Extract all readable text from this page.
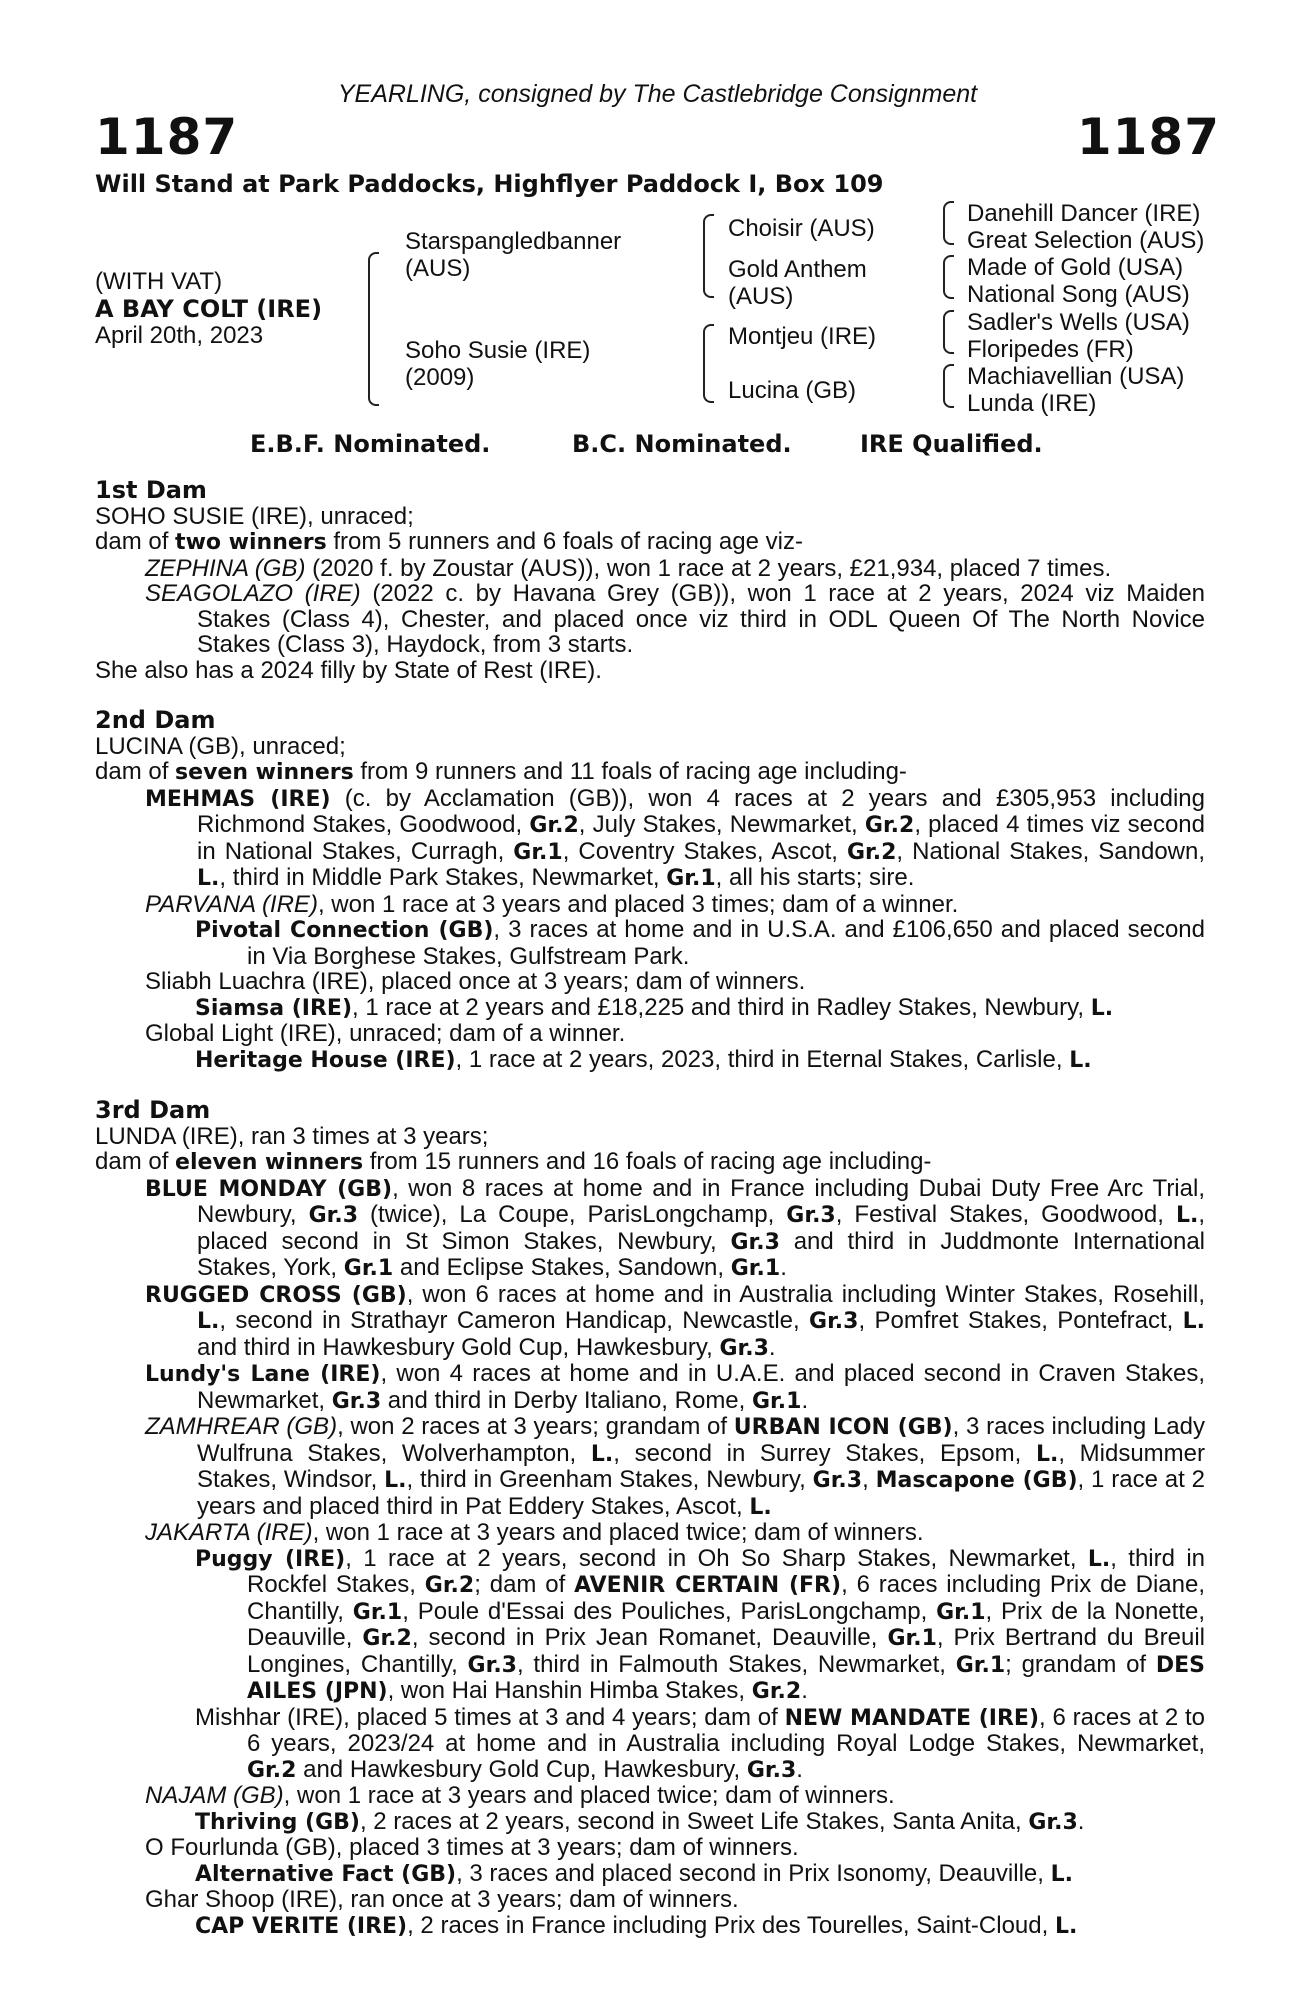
YEARLING, consigned by The Castlebridge Consignment
1187	1187
Will Stand at Park Paddocks, Highflyer Paddock I, Box 109
(WITH VAT)
A BAY COLT (IRE)
April 20th, 2023
Starspangledbanner (AUS)
Soho Susie (IRE) (2009)
Choisir (AUS)
Gold Anthem (AUS)
Montjeu (IRE)
Lucina (GB)
Danehill Dancer (IRE)
Great Selection (AUS)
Made of Gold (USA)
National Song (AUS)
Sadler's Wells (USA)
Floripedes (FR)
Machiavellian (USA)
Lunda (IRE)
E.B.F. Nominated.	B.C. Nominated.	IRE Qualified.

1st Dam

SOHO SUSIE (IRE), unraced;

dam of two winners from 5 runners and 6 foals of racing age viz-

ZEPHINA (GB) (2020 f. by Zoustar (AUS)), won 1 race at 2 years, £21,934, placed 7 times.

SEAGOLAZO (IRE) (2022 c. by Havana Grey (GB)), won 1 race at 2 years, 2024 viz Maiden Stakes (Class 4), Chester, and placed once viz third in ODL Queen Of The North Novice Stakes (Class 3), Haydock, from 3 starts.

She also has a 2024 filly by State of Rest (IRE).

2nd Dam

LUCINA (GB), unraced;

dam of seven winners from 9 runners and 11 foals of racing age including-

MEHMAS (IRE) (c. by Acclamation (GB)), won 4 races at 2 years and £305,953 including Richmond Stakes, Goodwood, Gr.2, July Stakes, Newmarket, Gr.2, placed 4 times viz second in National Stakes, Curragh, Gr.1, Coventry Stakes, Ascot, Gr.2, National Stakes, Sandown, L., third in Middle Park Stakes, Newmarket, Gr.1, all his starts; sire.

PARVANA (IRE), won 1 race at 3 years and placed 3 times; dam of a winner.

Pivotal Connection (GB), 3 races at home and in U.S.A. and £106,650 and placed second in Via Borghese Stakes, Gulfstream Park.

Sliabh Luachra (IRE), placed once at 3 years; dam of winners.

Siamsa (IRE), 1 race at 2 years and £18,225 and third in Radley Stakes, Newbury, L.

Global Light (IRE), unraced; dam of a winner.

Heritage House (IRE), 1 race at 2 years, 2023, third in Eternal Stakes, Carlisle, L.

3rd Dam

LUNDA (IRE), ran 3 times at 3 years;

dam of eleven winners from 15 runners and 16 foals of racing age including-

BLUE MONDAY (GB), won 8 races at home and in France including Dubai Duty Free Arc Trial, Newbury, Gr.3 (twice), La Coupe, ParisLongchamp, Gr.3, Festival Stakes, Goodwood, L., placed second in St Simon Stakes, Newbury, Gr.3 and third in Juddmonte International Stakes, York, Gr.1 and Eclipse Stakes, Sandown, Gr.1.

RUGGED CROSS (GB), won 6 races at home and in Australia including Winter Stakes, Rosehill, L., second in Strathayr Cameron Handicap, Newcastle, Gr.3, Pomfret Stakes, Pontefract, L. and third in Hawkesbury Gold Cup, Hawkesbury, Gr.3.

Lundy's Lane (IRE), won 4 races at home and in U.A.E. and placed second in Craven Stakes, Newmarket, Gr.3 and third in Derby Italiano, Rome, Gr.1.

ZAMHREAR (GB), won 2 races at 3 years; grandam of URBAN ICON (GB), 3 races including Lady Wulfruna Stakes, Wolverhampton, L., second in Surrey Stakes, Epsom, L., Midsummer Stakes, Windsor, L., third in Greenham Stakes, Newbury, Gr.3, Mascapone (GB), 1 race at 2 years and placed third in Pat Eddery Stakes, Ascot, L.

JAKARTA (IRE), won 1 race at 3 years and placed twice; dam of winners.

Puggy (IRE), 1 race at 2 years, second in Oh So Sharp Stakes, Newmarket, L., third in Rockfel Stakes, Gr.2; dam of AVENIR CERTAIN (FR), 6 races including Prix de Diane, Chantilly, Gr.1, Poule d'Essai des Pouliches, ParisLongchamp, Gr.1, Prix de la Nonette, Deauville, Gr.2, second in Prix Jean Romanet, Deauville, Gr.1, Prix Bertrand du Breuil Longines, Chantilly, Gr.3, third in Falmouth Stakes, Newmarket, Gr.1; grandam of DES AILES (JPN), won Hai Hanshin Himba Stakes, Gr.2.

Mishhar (IRE), placed 5 times at 3 and 4 years; dam of NEW MANDATE (IRE), 6 races at 2 to 6 years, 2023/24 at home and in Australia including Royal Lodge Stakes, Newmarket, Gr.2 and Hawkesbury Gold Cup, Hawkesbury, Gr.3.

NAJAM (GB), won 1 race at 3 years and placed twice; dam of winners.

Thriving (GB), 2 races at 2 years, second in Sweet Life Stakes, Santa Anita, Gr.3.

O Fourlunda (GB), placed 3 times at 3 years; dam of winners.

Alternative Fact (GB), 3 races and placed second in Prix Isonomy, Deauville, L.

Ghar Shoop (IRE), ran once at 3 years; dam of winners.

CAP VERITE (IRE), 2 races in France including Prix des Tourelles, Saint-Cloud, L.
